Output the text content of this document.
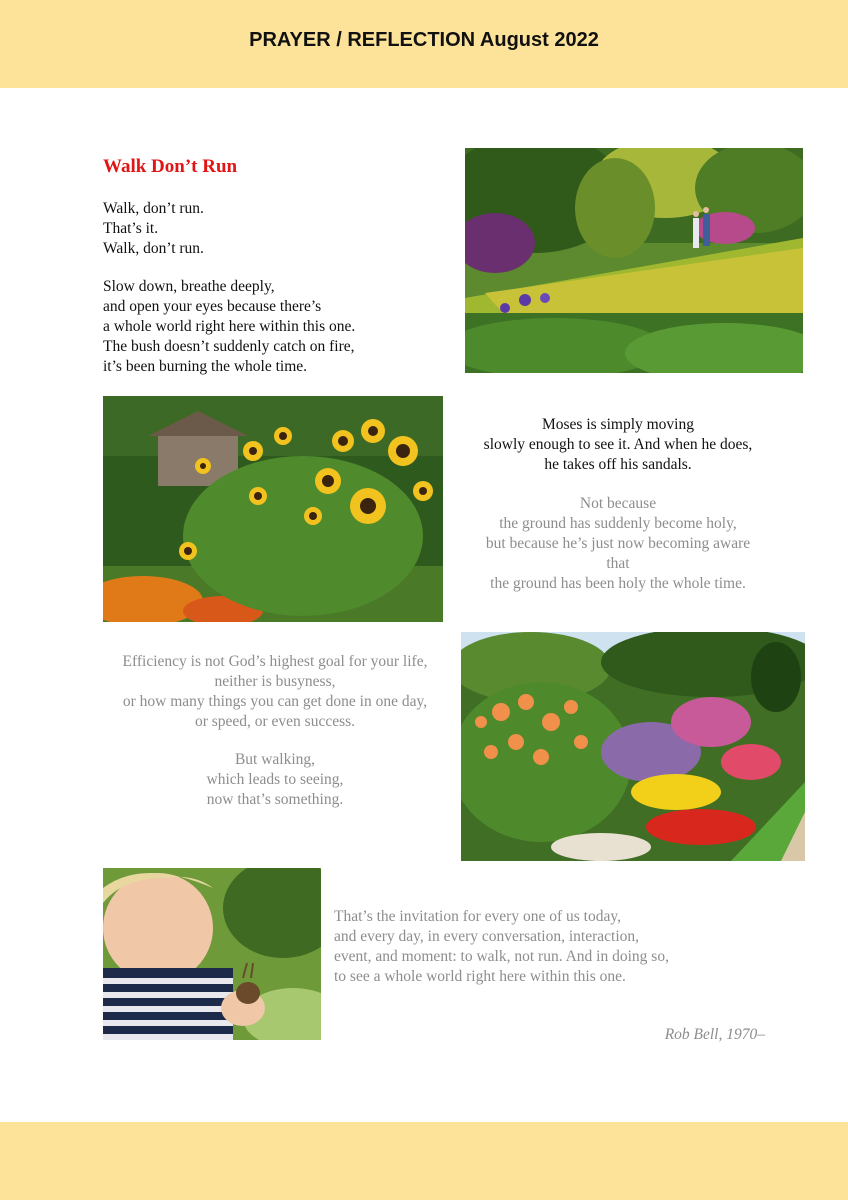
PRAYER / REFLECTION August 2022
Walk Don’t Run
Walk, don’t run.
That’s it.
Walk, don’t run.
Slow down, breathe deeply,
and open your eyes because there’s
a whole world right here within this one.
The bush doesn’t suddenly catch on fire,
it’s been burning the whole time.
Moses is simply moving
slowly enough to see it. And when he does,
he takes off his sandals.
Not because
the ground has suddenly become holy,
but because he’s just now becoming aware
that
the ground has been holy the whole time.
Efficiency is not God’s highest goal for your life,
neither is busyness,
or how many things you can get done in one day,
or speed, or even success.
But walking,
which leads to seeing,
now that’s something.
That’s the invitation for every one of us today,
and every day, in every conversation, interaction,
event, and moment: to walk, not run. And in doing so,
to see a whole world right here within this one.
Rob Bell, 1970–
